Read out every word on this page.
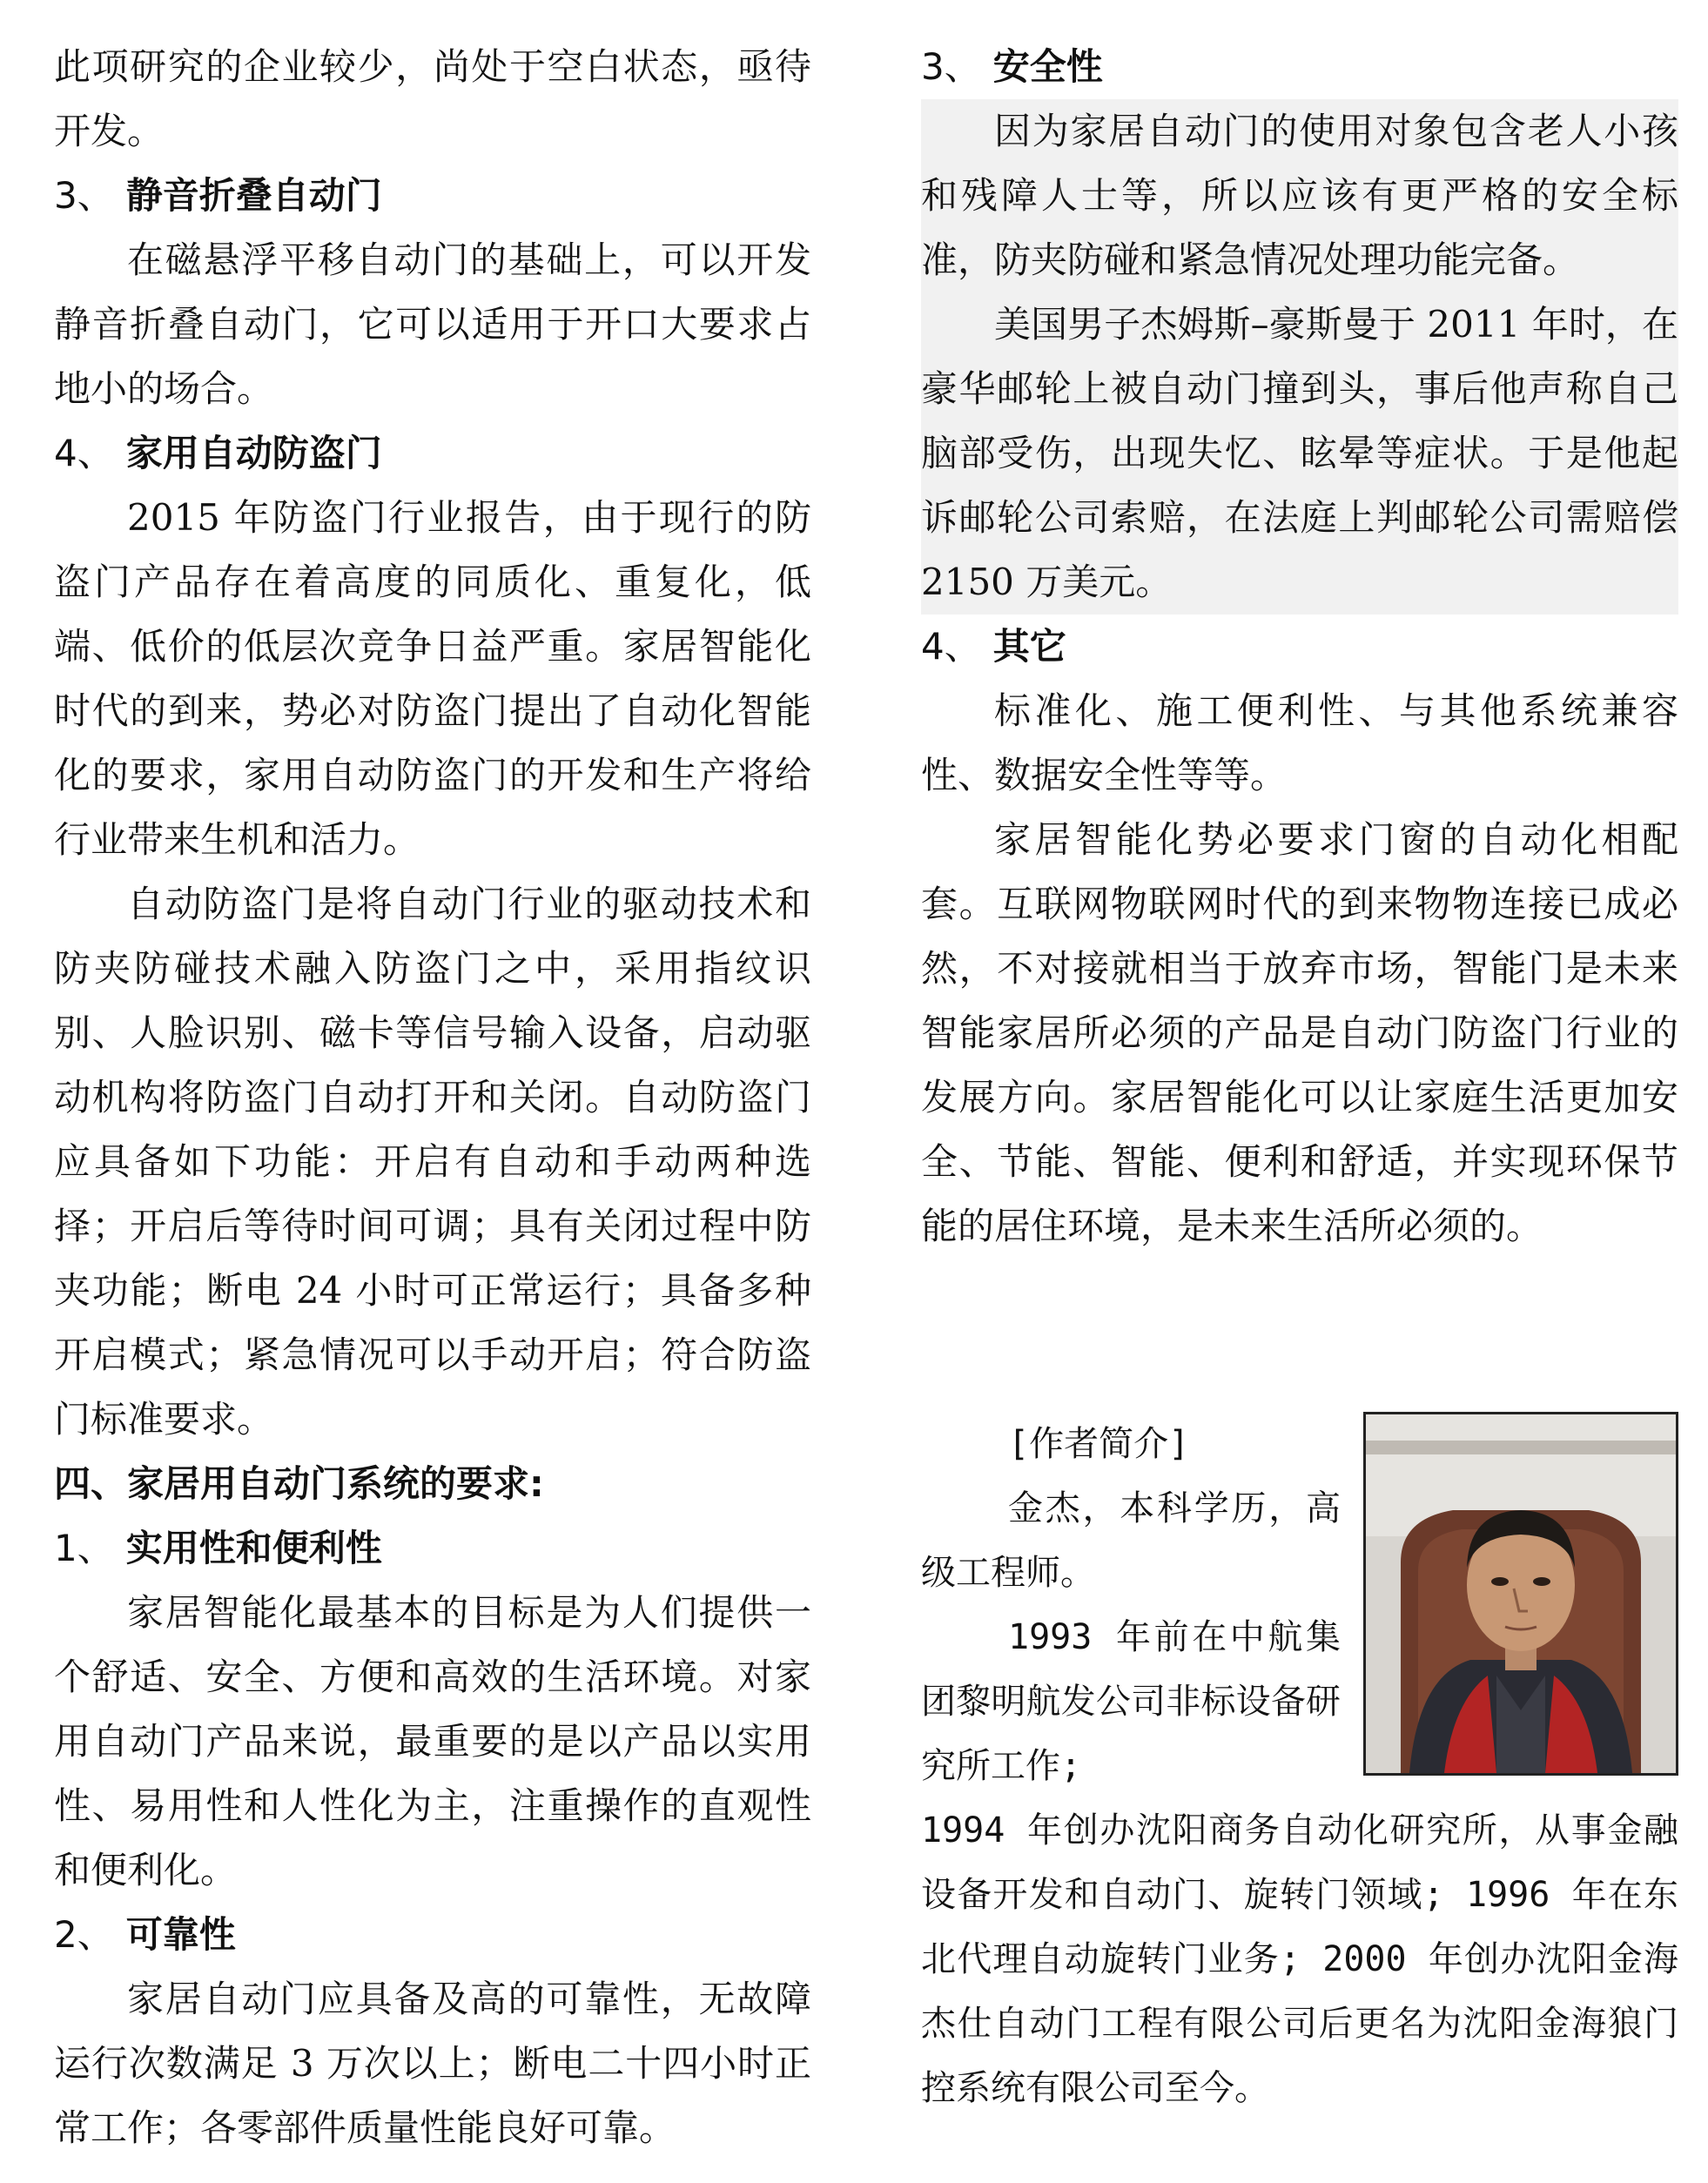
此项研究的企业较少，尚处于空白状态，亟待开发。

3、 静音折叠自动门

在磁悬浮平移自动门的基础上，可以开发静音折叠自动门，它可以适用于开口大要求占地小的场合。

4、 家用自动防盗门

2015 年防盗门行业报告，由于现行的防盗门产品存在着高度的同质化、重复化，低端、低价的低层次竞争日益严重。家居智能化时代的到来，势必对防盗门提出了自动化智能化的要求，家用自动防盗门的开发和生产将给行业带来生机和活力。

自动防盗门是将自动门行业的驱动技术和防夹防碰技术融入防盗门之中，采用指纹识别、人脸识别、磁卡等信号输入设备，启动驱动机构将防盗门自动打开和关闭。自动防盗门应具备如下功能：开启有自动和手动两种选择；开启后等待时间可调；具有关闭过程中防夹功能；断电 24 小时可正常运行；具备多种开启模式；紧急情况可以手动开启；符合防盗门标准要求。

四、家居用自动门系统的要求:

1、 实用性和便利性

家居智能化最基本的目标是为人们提供一个舒适、安全、方便和高效的生活环境。对家用自动门产品来说，最重要的是以产品以实用性、易用性和人性化为主，注重操作的直观性和便利化。

2、 可靠性

家居自动门应具备及高的可靠性，无故障运行次数满足 3 万次以上；断电二十四小时正常工作；各零部件质量性能良好可靠。

3、 安全性

因为家居自动门的使用对象包含老人小孩和残障人士等，所以应该有更严格的安全标准，防夹防碰和紧急情况处理功能完备。

美国男子杰姆斯–豪斯曼于 2011 年时，在豪华邮轮上被自动门撞到头，事后他声称自己脑部受伤，出现失忆、眩晕等症状。于是他起诉邮轮公司索赔，在法庭上判邮轮公司需赔偿 2150 万美元。

4、 其它

标准化、施工便利性、与其他系统兼容性、数据安全性等等。

家居智能化势必要求门窗的自动化相配套。互联网物联网时代的到来物物连接已成必然，不对接就相当于放弃市场，智能门是未来智能家居所必须的产品是自动门防盗门行业的发展方向。家居智能化可以让家庭生活更加安全、节能、智能、便利和舒适，并实现环保节能的居住环境，是未来生活所必须的。

[作者简介]

金杰，本科学历，高级工程师。

1993 年前在中航集团黎明航发公司非标设备研究所工作;

1994 年创办沈阳商务自动化研究所，从事金融设备开发和自动门、旋转门领域; 1996 年在东北代理自动旋转门业务; 2000 年创办沈阳金海杰仕自动门工程有限公司后更名为沈阳金海狼门控系统有限公司至今。
